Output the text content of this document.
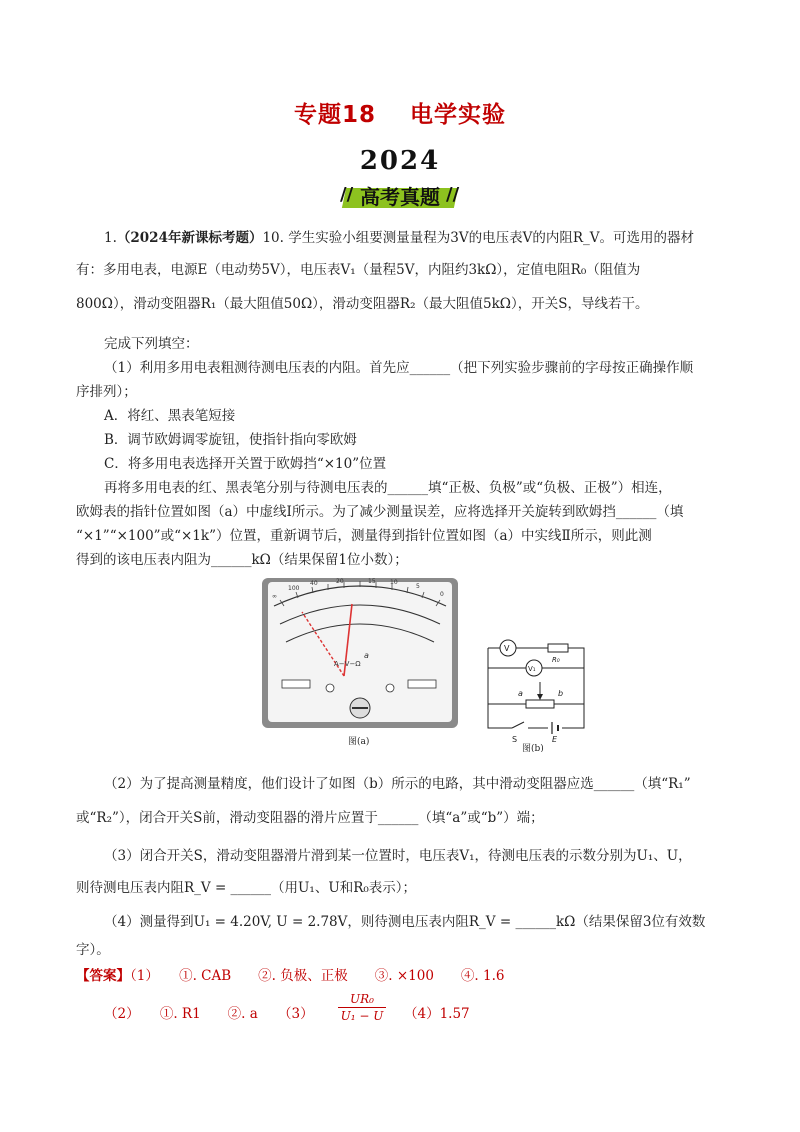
专题18 电学实验
2024
// 高考真题 //
1.（2024年新课标考题）10. 学生实验小组要测量量程为3V的电压表V的内阻R_V。可选用的器材
有：多用电表，电源E（电动势5V），电压表V₁（量程5V，内阻约3kΩ），定值电阻R₀（阻值为
800Ω），滑动变阻器R₁（最大阻值50Ω），滑动变阻器R₂（最大阻值5kΩ），开关S，导线若干。
完成下列填空：
（1）利用多用电表粗测待测电压表的内阻。首先应______（把下列实验步骤前的字母按正确操作顺
序排列）；
A．将红、黑表笔短接
B．调节欧姆调零旋钮，使指针指向零欧姆
C．将多用电表选择开关置于欧姆挡“×10”位置
再将多用电表的红、黑表笔分别与待测电压表的______填“正极、负极”或“负极、正极”）相连，
欧姆表的指针位置如图（a）中虚线Ⅰ所示。为了减少测量误差，应将选择开关旋转到欧姆挡______（填
“×1”“×100”或“×1k”）位置，重新调节后，测量得到指针位置如图（a）中实线Ⅱ所示，则此测
得到的该电压表内阻为______kΩ（结果保留1位小数）；
∞
100
40	20	15 10
5
0
a
A−V−Ω
图(a)
V
R₀
V₁
a	b
S	E
图(b)
（2）为了提高测量精度，他们设计了如图（b）所示的电路，其中滑动变阻器应选______（填“R₁”
或“R₂”），闭合开关S前，滑动变阻器的滑片应置于______（填“a”或“b”）端；
（3）闭合开关S，滑动变阻器滑片滑到某一位置时，电压表V₁，待测电压表的示数分别为U₁、U，
则待测电压表内阻R_V = ______（用U₁、U和R₀表示）；
（4）测量得到U₁ = 4.20V, U = 2.78V，则待测电压表内阻R_V = ______kΩ（结果保留3位有效数
字）。
【答案】（1）　　①. CAB　　②. 负极、正极　　③. ×100　　④. 1.6
（2）　　①. R1　　②. a　　$(3) \frac{\text{UR₀}}{\text{U₁ − U}} (4)1.57$
